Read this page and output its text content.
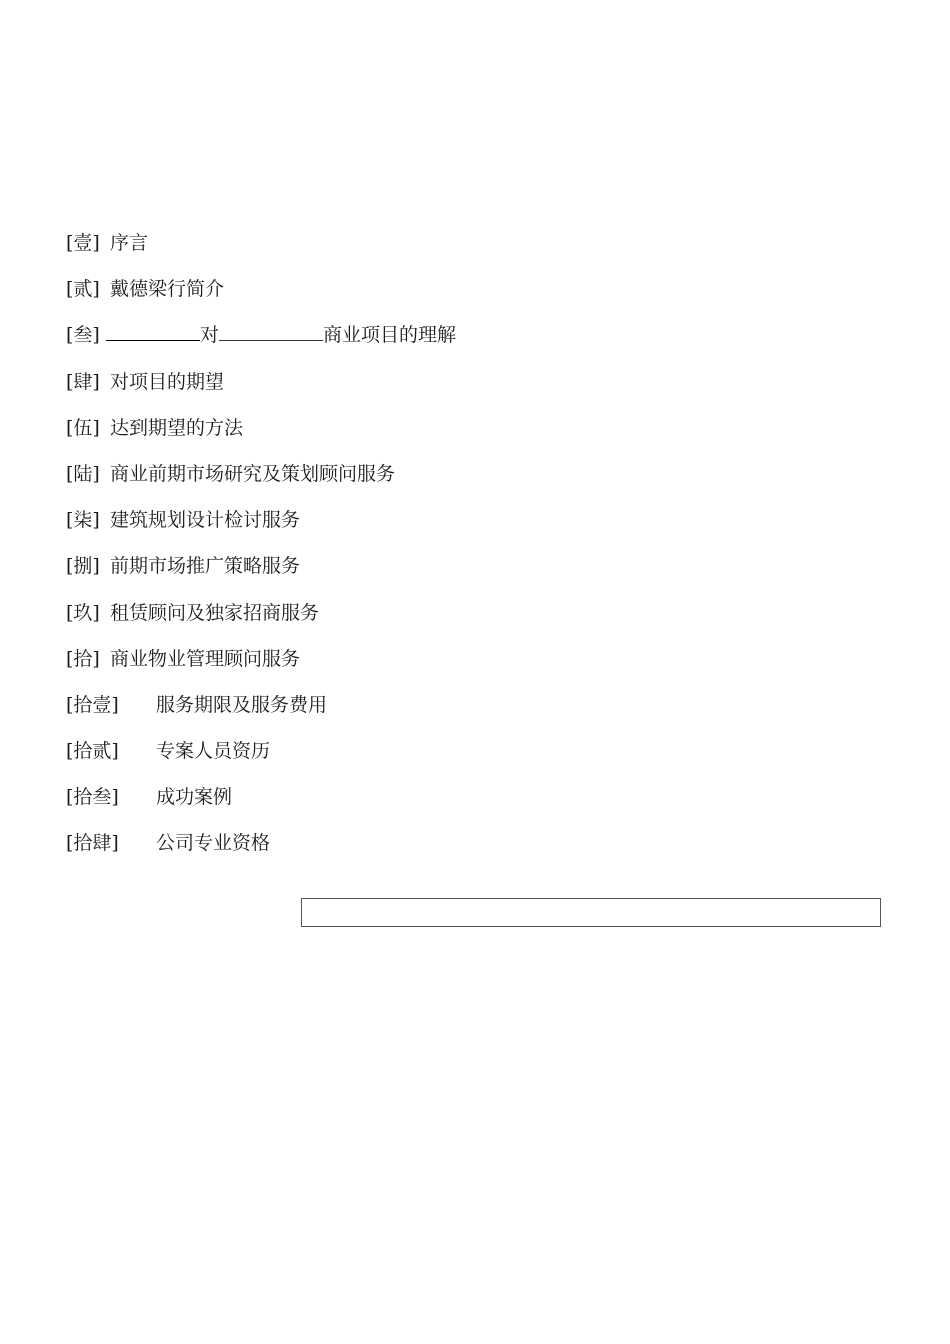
[壹] 序言
[贰] 戴德梁行简介
[叁]	对	商业项目的理解
[肆] 对项目的期望
[伍] 达到期望的方法
[陆] 商业前期市场研究及策划顾问服务
[柒] 建筑规划设计检讨服务
[捌] 前期市场推广策略服务
[玖] 租赁顾问及独家招商服务
[拾] 商业物业管理顾问服务
[拾壹]	服务期限及服务费用
[拾贰]	专案人员资历
[拾叁]	成功案例
[拾肆]	公司专业资格
